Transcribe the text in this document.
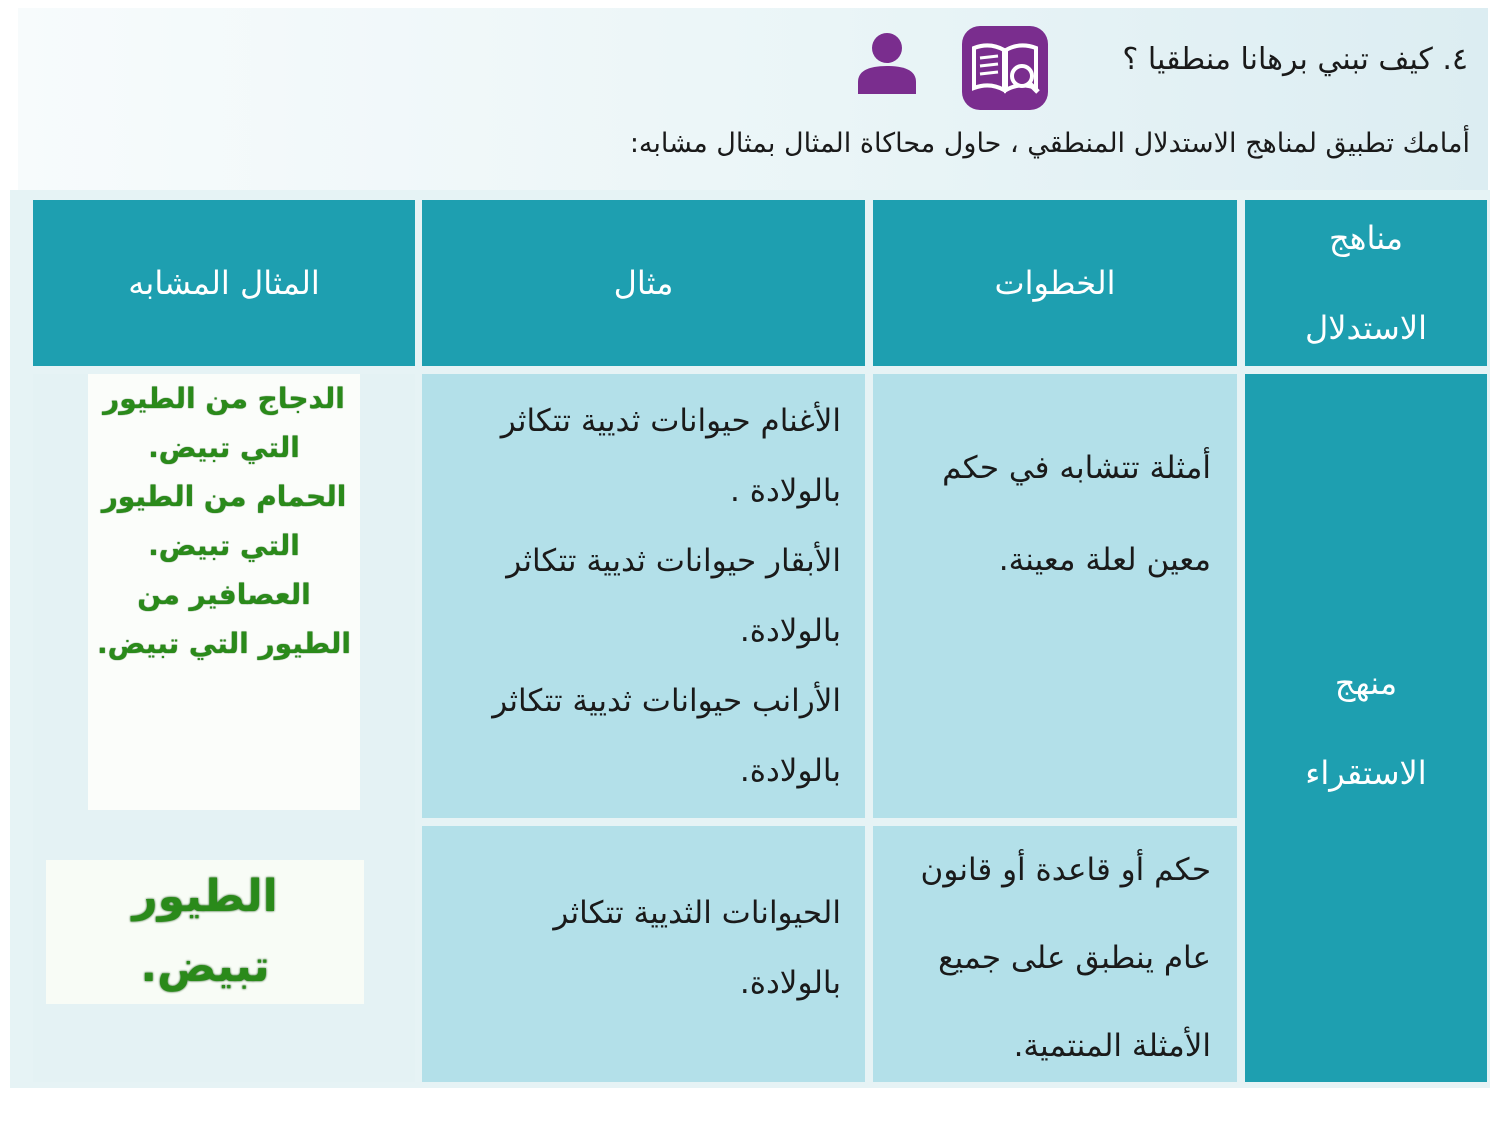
٤. كيف تبني برهانا منطقيا ؟
أمامك تطبيق لمناهج الاستدلال المنطقي ، حاول محاكاة المثال بمثال مشابه:
مناهج الاستدلال
الخطوات
مثال
المثال المشابه
منهج الاستقراء
أمثلة تتشابه في حكم معين لعلة معينة.
الأغنام حيوانات ثديية تتكاثر بالولادة .
الأبقار حيوانات ثديية تتكاثر بالولادة.
الأرانب حيوانات ثديية تتكاثر بالولادة.
الدجاج من الطيور التي تبيض.
الحمام من الطيور التي تبيض.
العصافير من الطيور التي تبيض.
حكم أو قاعدة أو قانون عام ينطبق على جميع الأمثلة المنتمية.
الحيوانات الثديية تتكاثر بالولادة.
الطيور تبيض.
